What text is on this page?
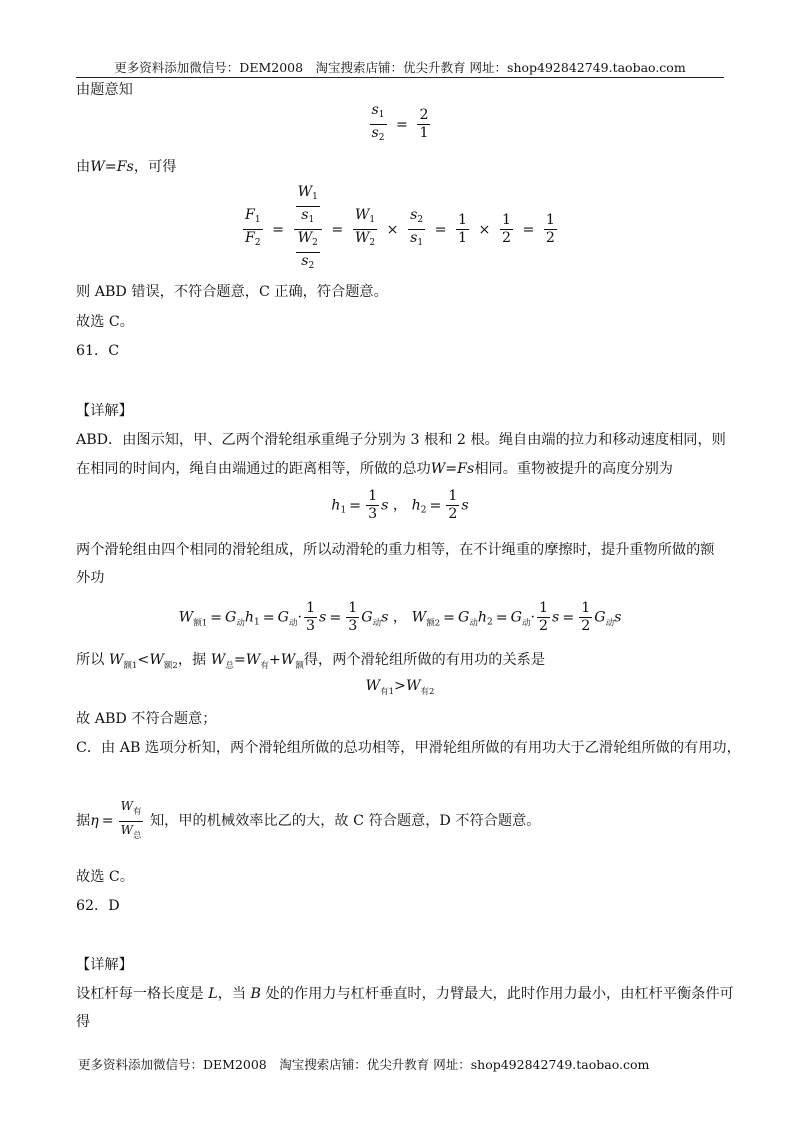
更多资料添加微信号：DEM2008　淘宝搜索店铺：优尖升教育 网址：shop492842749.taobao.com
由题意知
$\frac{s_1}{s_2} = \frac{2}{1}$
由W=Fs，可得
$\frac{F_1}{F_2} = \frac{\frac{W_1}{s_1}}{\frac{W_2}{s_2}} = \frac{W_1}{W_2} \times \frac{s_2}{s_1} = \frac{1}{1} \times \frac{1}{2} = \frac{1}{2}$
则 ABD 错误，不符合题意，C 正确，符合题意。
故选 C。
61．C
【详解】
ABD．由图示知，甲、乙两个滑轮组承重绳子分别为 3 根和 2 根。绳自由端的拉力和移动速度相同，则
在相同的时间内，绳自由端通过的距离相等，所做的总功W=Fs相同。重物被提升的高度分别为
$h_1 = \frac{1}{3}$ s ， $h_2 = \frac{1}{2}$ s
两个滑轮组由四个相同的滑轮组成，所以动滑轮的重力相等，在不计绳重的摩擦时，提升重物所做的额
外功
$W_{额1} = G_动h_1 = G_动\cdot \frac{1}{3}$ $s = \frac{1}{3} G_动s$ ， $W_{额2} = G_动h_2 = G_动\cdot \frac{1}{2}$ $s = \frac{1}{2} G_动s$
所以 $W_{额1}<W_{额2}$，据 $W_总=W_有+W_额$得，两个滑轮组所做的有用功的关系是
$W_{有1}>W_{有2}$
故 ABD 不符合题意；
C．由 AB 选项分析知，两个滑轮组所做的总功相等，甲滑轮组所做的有用功大于乙滑轮组所做的有用功，
据$\eta = \frac{W_有}{W_总}$ 知，甲的机械效率比乙的大，故 C 符合题意，D 不符合题意。
故选 C。
62．D
【详解】
设杠杆每一格长度是 L，当 B 处的作用力与杠杆垂直时，力臂最大，此时作用力最小，由杠杆平衡条件可
得
更多资料添加微信号：DEM2008　淘宝搜索店铺：优尖升教育 网址：shop492842749.taobao.com
